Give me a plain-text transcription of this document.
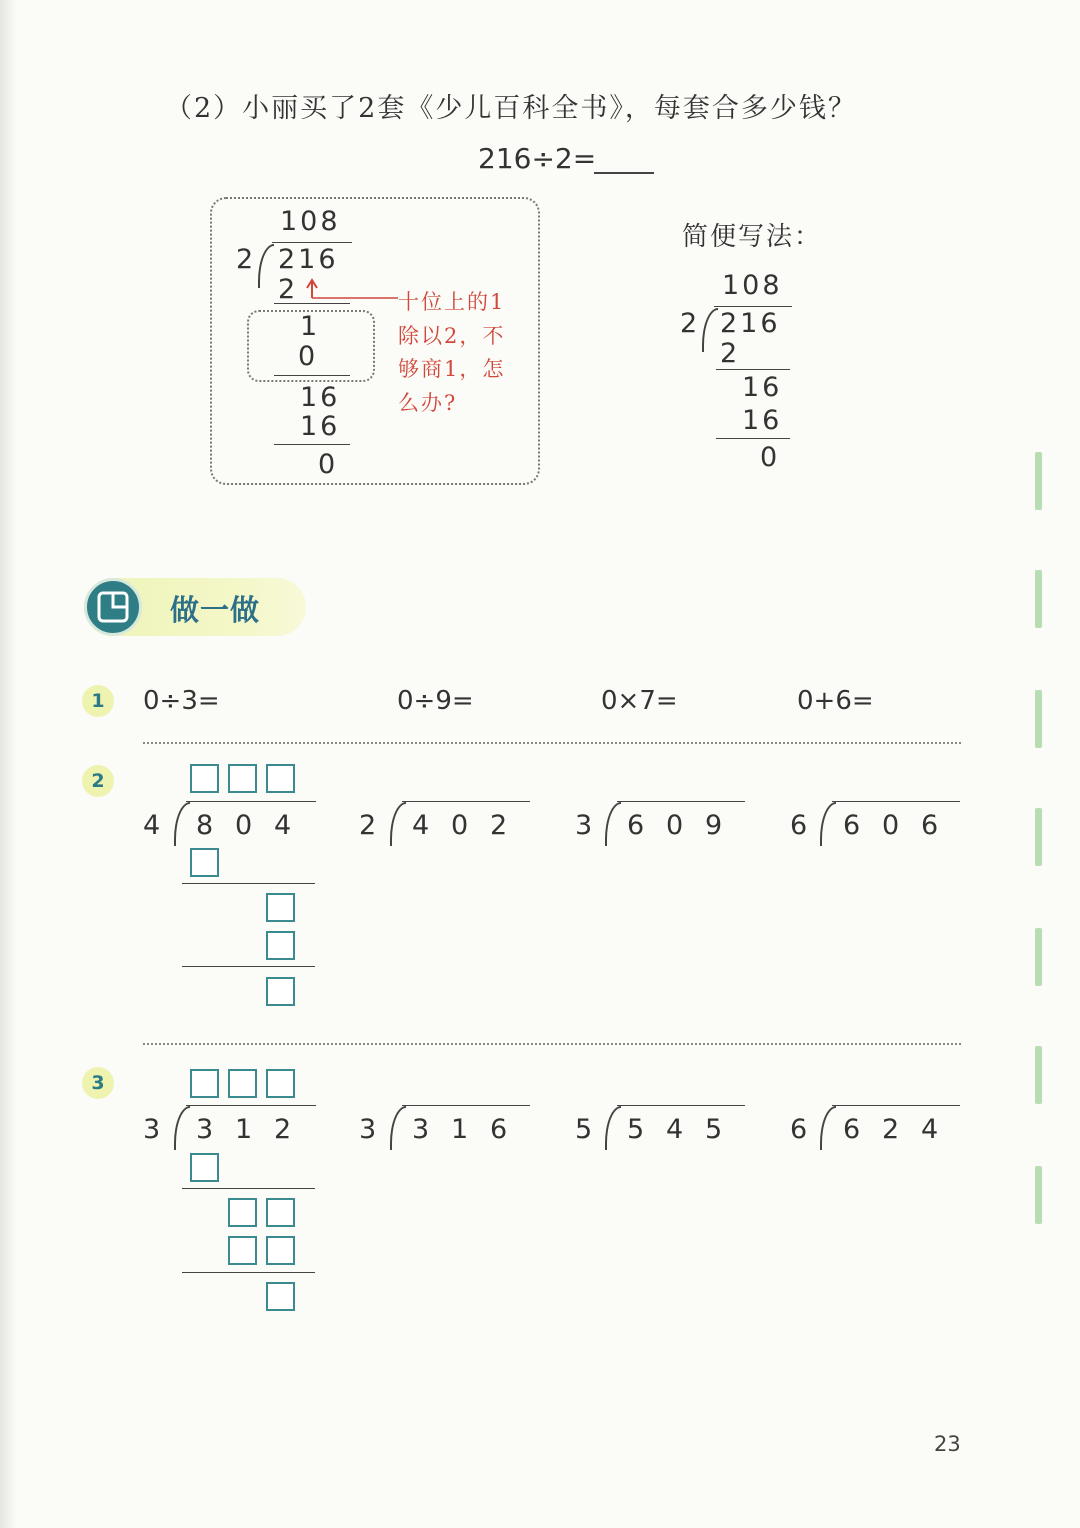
（2）小丽买了2套《少儿百科全书》，每套合多少钱？
216÷2=
108
2 216
2
1
0
16
16
0
十位上的1
除以2，不
够商1，怎
么办?
简便写法：
108
2 216
2
16
16
0
做一做
1	0÷3=	0÷9=	0×7=	0+6=
2
4 8 0 4	2 4 0 2	3 6 0 9	6 6 0 6
3
3 3 1 2	3 3 1 6	5 5 4 5	6 6 2 4
23
